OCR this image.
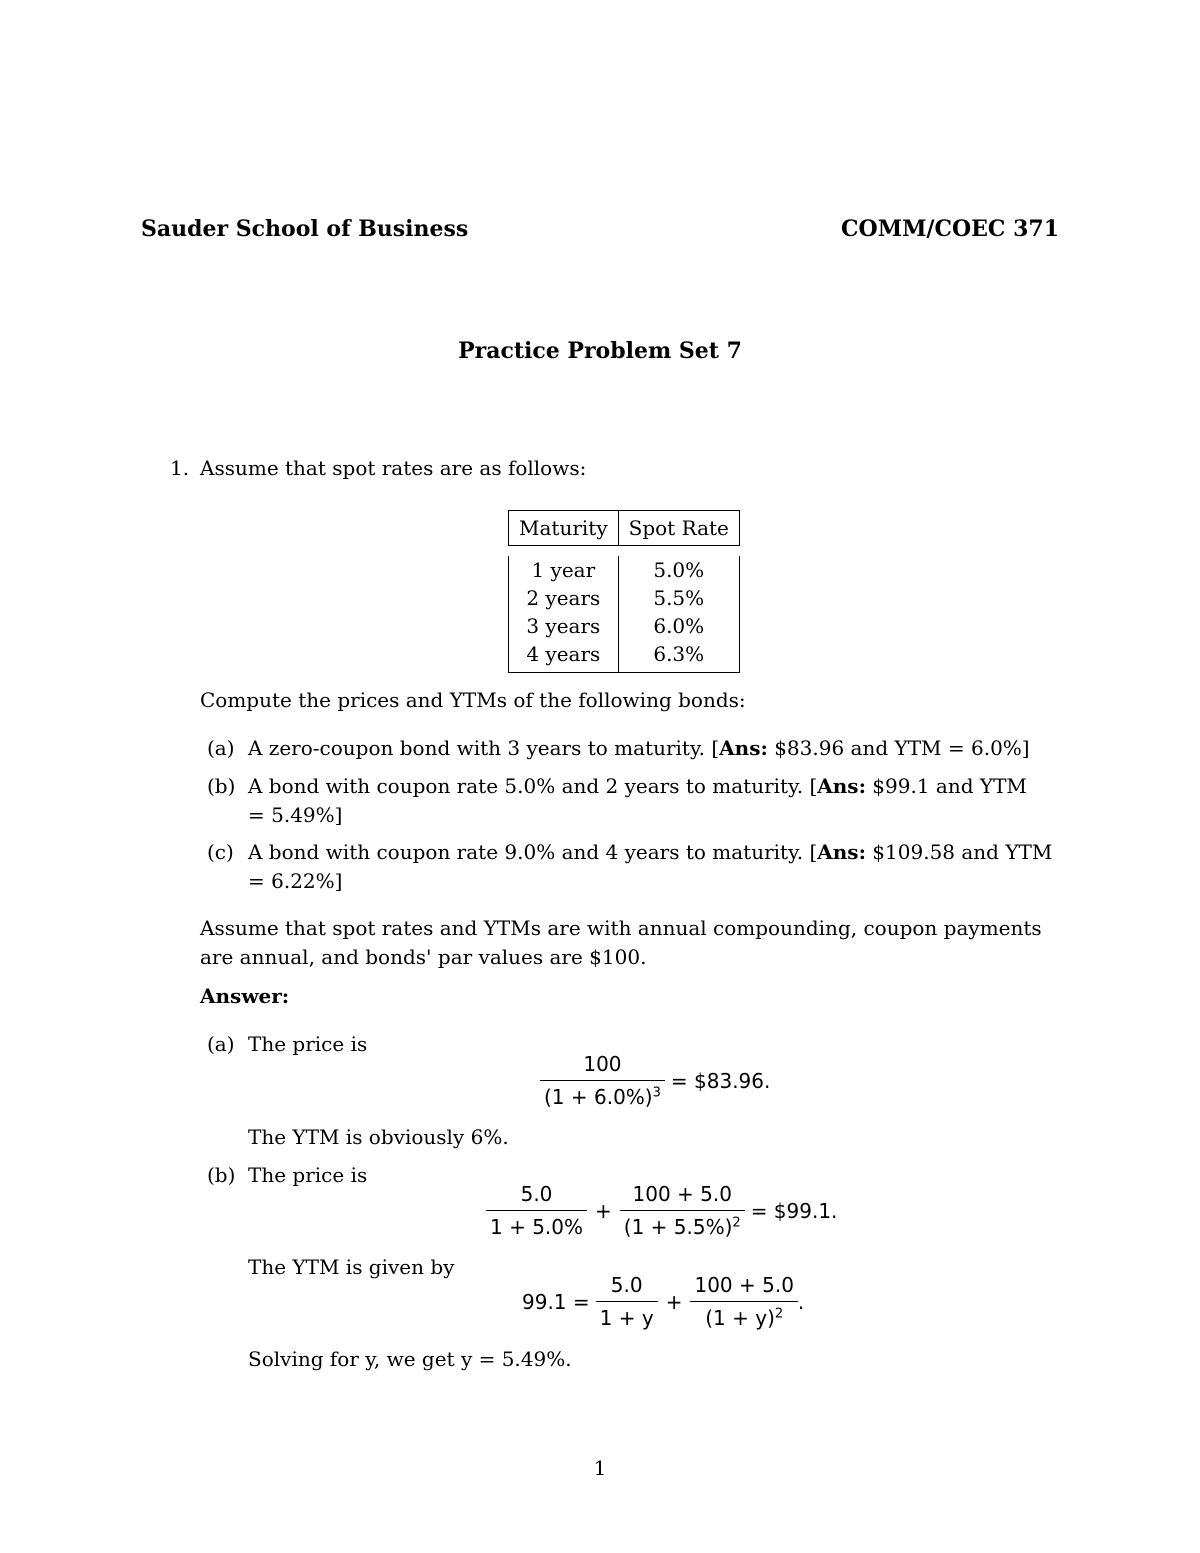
Sauder School of Business	COMM/COEC 371
Practice Problem Set 7
1. Assume that spot rates are as follows:
Maturity	Spot Rate

1 year	5.0%
2 years	5.5%
3 years	6.0%
4 years	6.3%
Compute the prices and YTMs of the following bonds:
(a) A zero-coupon bond with 3 years to maturity. [Ans: $83.96 and YTM = 6.0%]
(b) A bond with coupon rate 5.0% and 2 years to maturity. [Ans: $99.1 and YTM
= 5.49%]
(c) A bond with coupon rate 9.0% and 4 years to maturity. [Ans: $109.58 and YTM
= 6.22%]
Assume that spot rates and YTMs are with annual compounding, coupon payments
are annual, and bonds' par values are $100.
Answer:
(a) The price is
$\frac{100}{(1 + 6.0\%)^3}$ = $83.96.
The YTM is obviously 6%.
(b) The price is
$\frac{5.0}{1 + 5.0\%} + \frac{100 + 5.0}{(1 + 5.5\%)^2}$ = $99.1.
The YTM is given by
$99.1 = \frac{5.0}{1 + y} + \frac{100 + 5.0}{(1 + y)^2}$ .
Solving for y, we get y = 5.49%.
1
